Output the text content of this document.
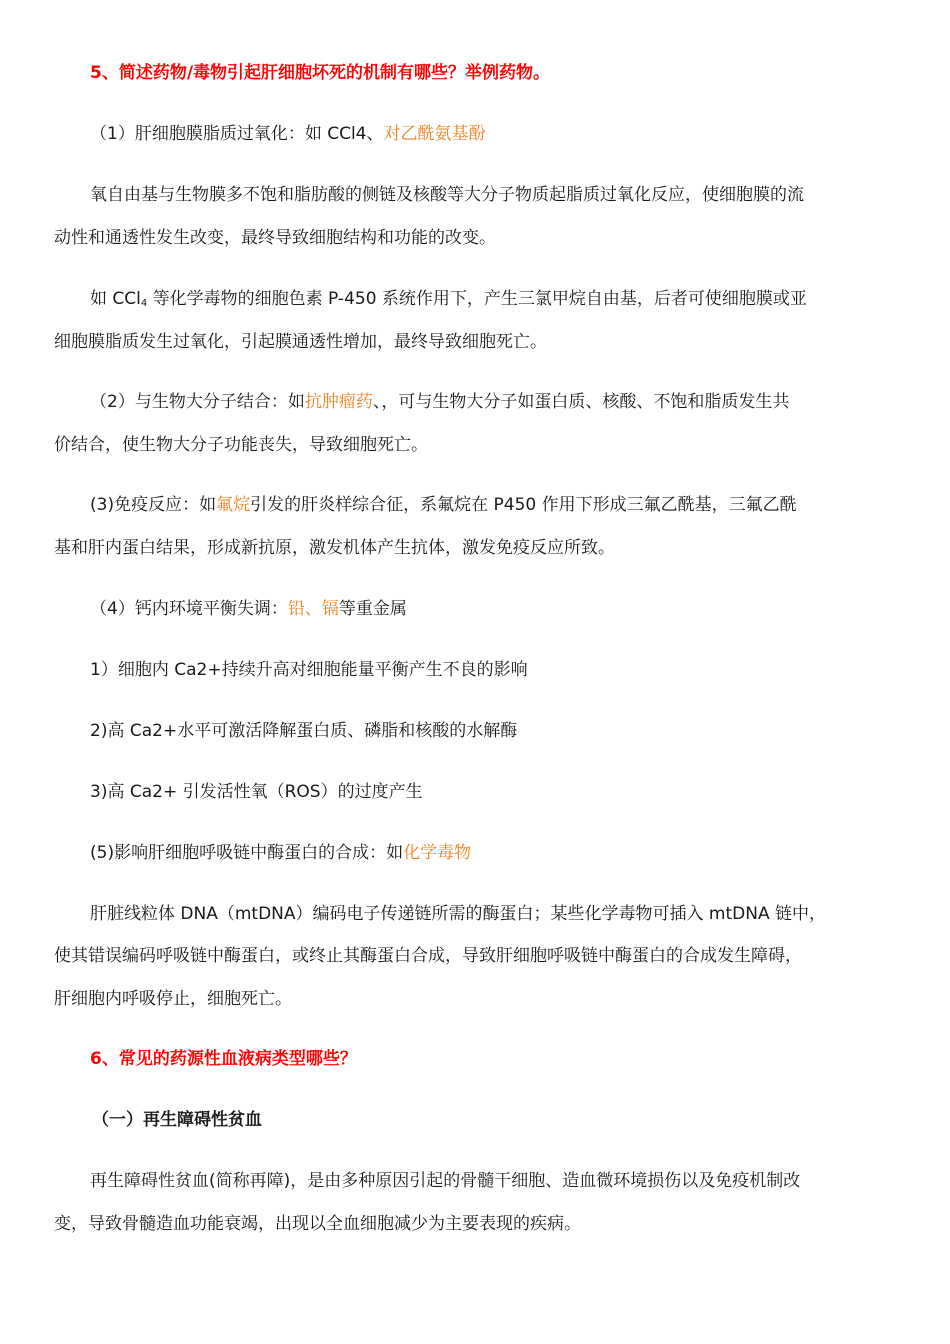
5、简述药物/毒物引起肝细胞坏死的机制有哪些？举例药物。
（1）肝细胞膜脂质过氧化：如 CCl4、对乙酰氨基酚
氧自由基与生物膜多不饱和脂肪酸的侧链及核酸等大分子物质起脂质过氧化反应，使细胞膜的流
动性和通透性发生改变，最终导致细胞结构和功能的改变。
如 CCl$_4$ 等化学毒物的细胞色素 P-450 系统作用下，产生三氯甲烷自由基，后者可使细胞膜或亚
细胞膜脂质发生过氧化，引起膜通透性增加，最终导致细胞死亡。
（2）与生物大分子结合：如抗肿瘤药、，可与生物大分子如蛋白质、核酸、不饱和脂质发生共
价结合，使生物大分子功能丧失，导致细胞死亡。
(3)免疫反应：如氟烷引发的肝炎样综合征，系氟烷在 P450 作用下形成三氟乙酰基，三氟乙酰
基和肝内蛋白结果，形成新抗原，激发机体产生抗体，激发免疫反应所致。
（4）钙内环境平衡失调：铅、镉等重金属
1）细胞内 Ca2+持续升高对细胞能量平衡产生不良的影响
2)高 Ca2+水平可激活降解蛋白质、磷脂和核酸的水解酶
3)高 Ca2+ 引发活性氧（ROS）的过度产生
(5)影响肝细胞呼吸链中酶蛋白的合成：如化学毒物
肝脏线粒体 DNA（mtDNA）编码电子传递链所需的酶蛋白；某些化学毒物可插入 mtDNA 链中，
使其错误编码呼吸链中酶蛋白，或终止其酶蛋白合成，导致肝细胞呼吸链中酶蛋白的合成发生障碍，
肝细胞内呼吸停止，细胞死亡。
6、常见的药源性血液病类型哪些？
（一）再生障碍性贫血
再生障碍性贫血(简称再障)，是由多种原因引起的骨髓干细胞、造血微环境损伤以及免疫机制改
变，导致骨髓造血功能衰竭，出现以全血细胞减少为主要表现的疾病。
